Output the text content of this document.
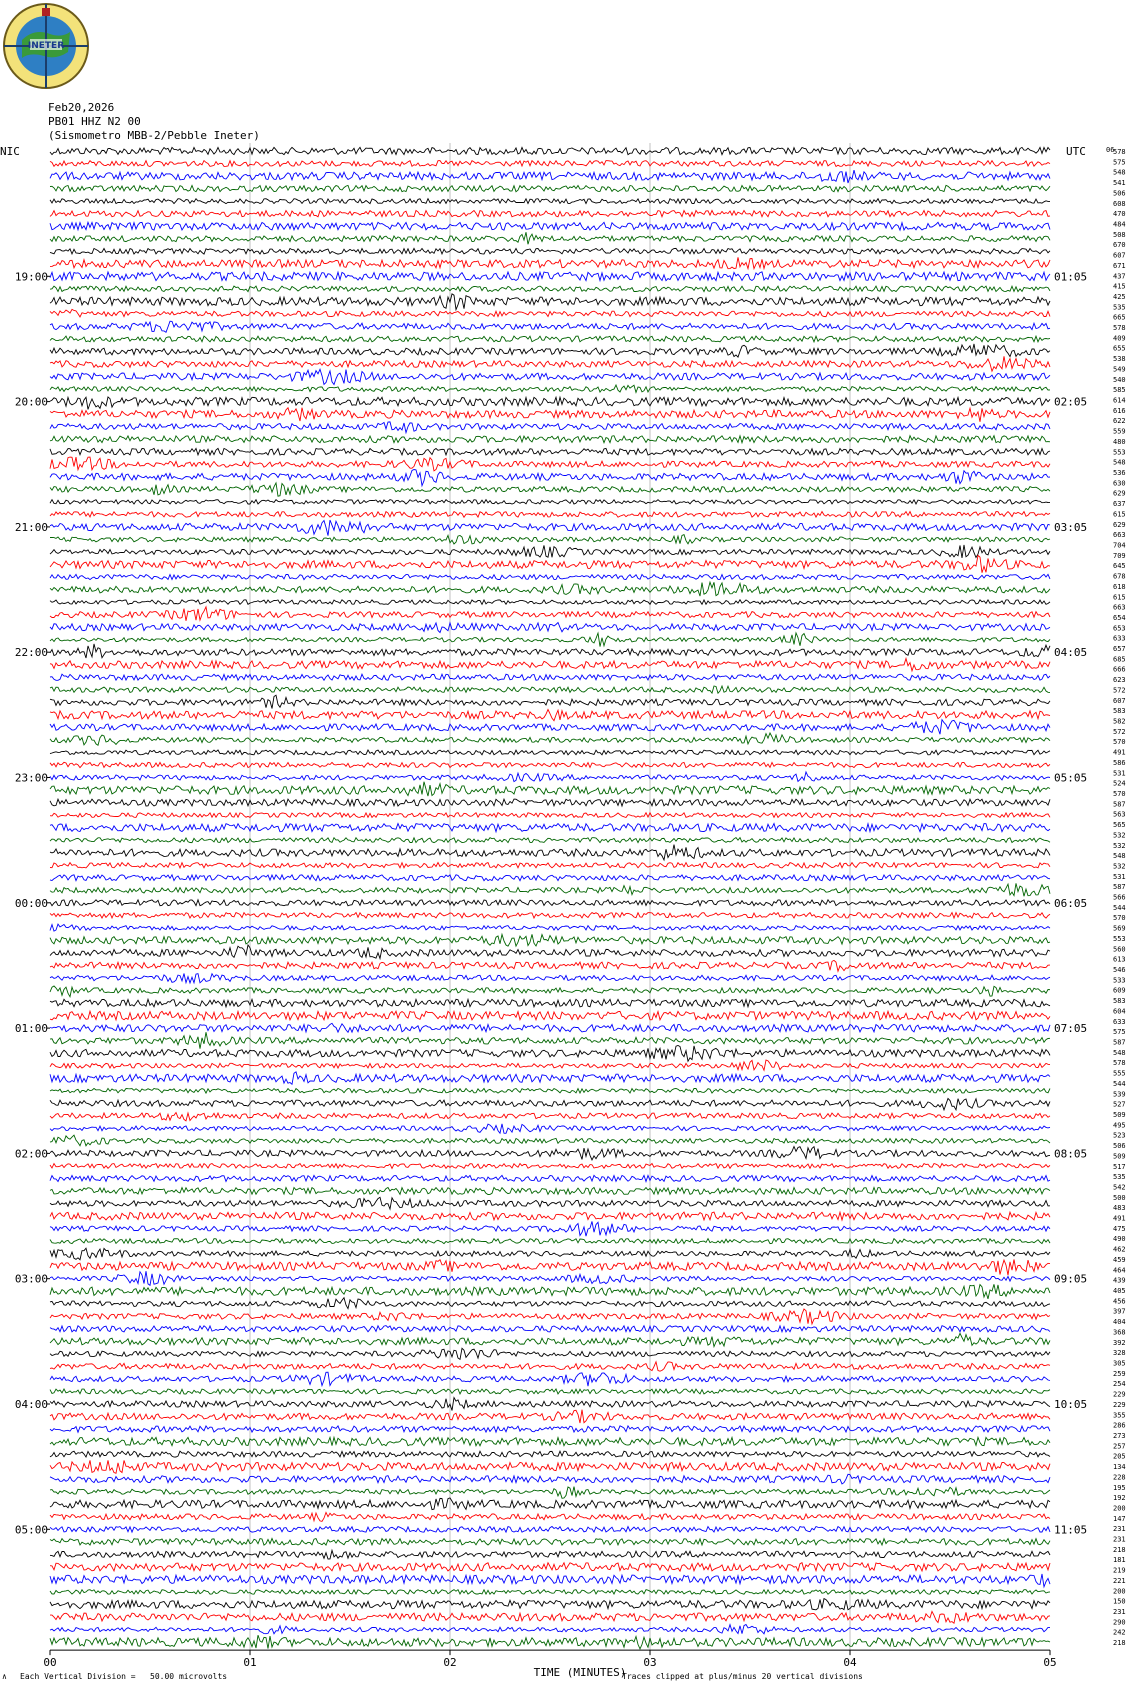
INETER
Feb20,2026
PB01 HHZ N2 00
(Sismometro MBB-2/Pebble Ineter)
NIC	UTC	06
19:00
20:00
21:00
22:00
23:00
00:00
01:00
02:00
03:00
04:00
05:00
01:05
02:05
03:05
04:05
05:05
06:05
07:05
08:05
09:05
10:05
11:05
578
575
548
541
506
608
470
484
508
670
607
671
437
415
425
535
665
578
409
655
538
549
540
585
614
616
622
559
480
553
548
536
630
629
637
615
629
663
704
709
645
678
618
615
663
654
653
633
657
685
666
623
572
607
583
582
572
570
491
586
531
524
570
587
563
565
532
532
548
532
531
587
566
544
570
569
553
560
613
546
533
609
583
604
633
575
587
548
578
555
544
539
527
509
495
523
506
509
517
535
542
500
483
491
475
490
462
459
464
439
405
456
397
404
368
392
328
305
259
254
229
229
355
286
273
257
205
134
228
195
192
200
147
231
231
218
181
219
221
200
150
231
290
242
218
00	01	02	03	04	05
TIME (MINUTES)
∧ Each Vertical Division =   50.00 microvolts	Traces clipped at plus/minus 20 vertical divisions
